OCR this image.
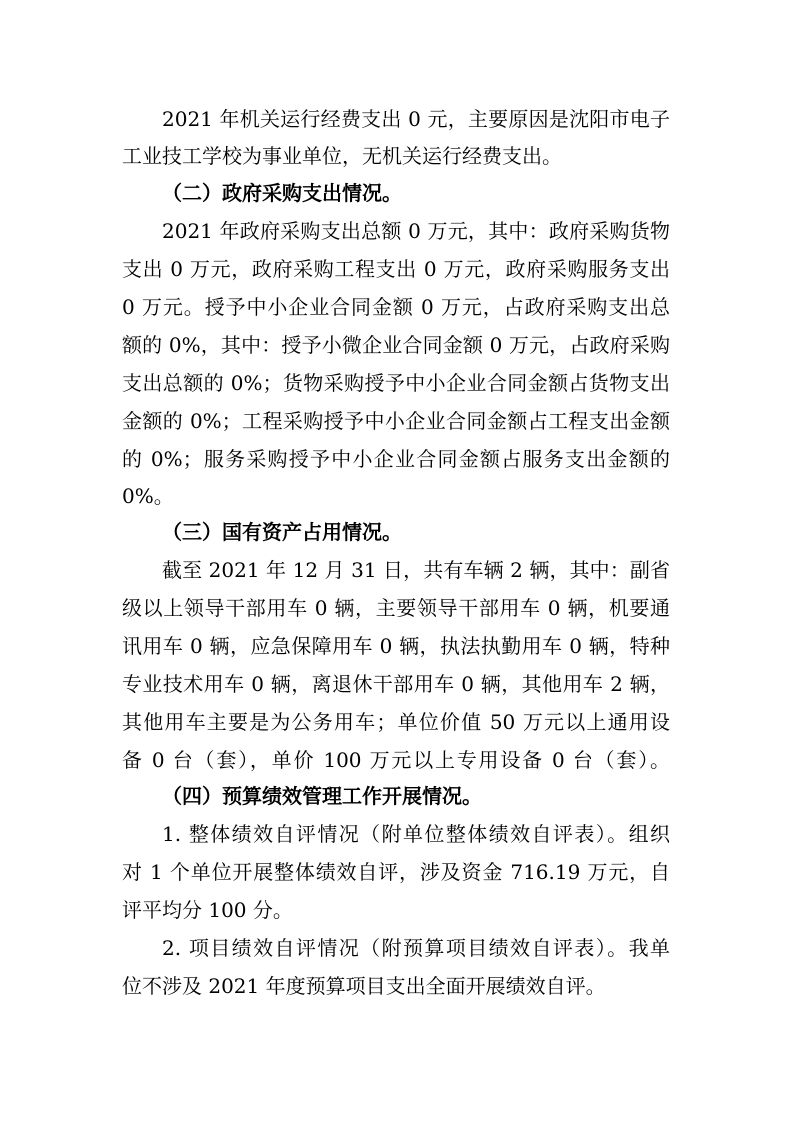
2021 年机关运行经费支出 0 元，主要原因是沈阳市电子
工业技工学校为事业单位，无机关运行经费支出。
（二）政府采购支出情况。
2021 年政府采购支出总额 0 万元，其中：政府采购货物
支出 0 万元，政府采购工程支出 0 万元，政府采购服务支出
0 万元。授予中小企业合同金额 0 万元，占政府采购支出总
额的 0%，其中：授予小微企业合同金额 0 万元，占政府采购
支出总额的 0%；货物采购授予中小企业合同金额占货物支出
金额的 0%；工程采购授予中小企业合同金额占工程支出金额
的 0%；服务采购授予中小企业合同金额占服务支出金额的
0%。
（三）国有资产占用情况。
截至 2021 年 12 月 31 日，共有车辆 2 辆，其中：副省
级以上领导干部用车 0 辆，主要领导干部用车 0 辆，机要通
讯用车 0 辆，应急保障用车 0 辆，执法执勤用车 0 辆，特种
专业技术用车 0 辆，离退休干部用车 0 辆，其他用车 2 辆，
其他用车主要是为公务用车；单位价值 50 万元以上通用设
备 0 台（套），单价 100 万元以上专用设备 0 台（套）。
（四）预算绩效管理工作开展情况。
1. 整体绩效自评情况（附单位整体绩效自评表）。组织
对 1 个单位开展整体绩效自评，涉及资金 716.19 万元，自
评平均分 100 分。
2. 项目绩效自评情况（附预算项目绩效自评表）。我单
位不涉及 2021 年度预算项目支出全面开展绩效自评。
